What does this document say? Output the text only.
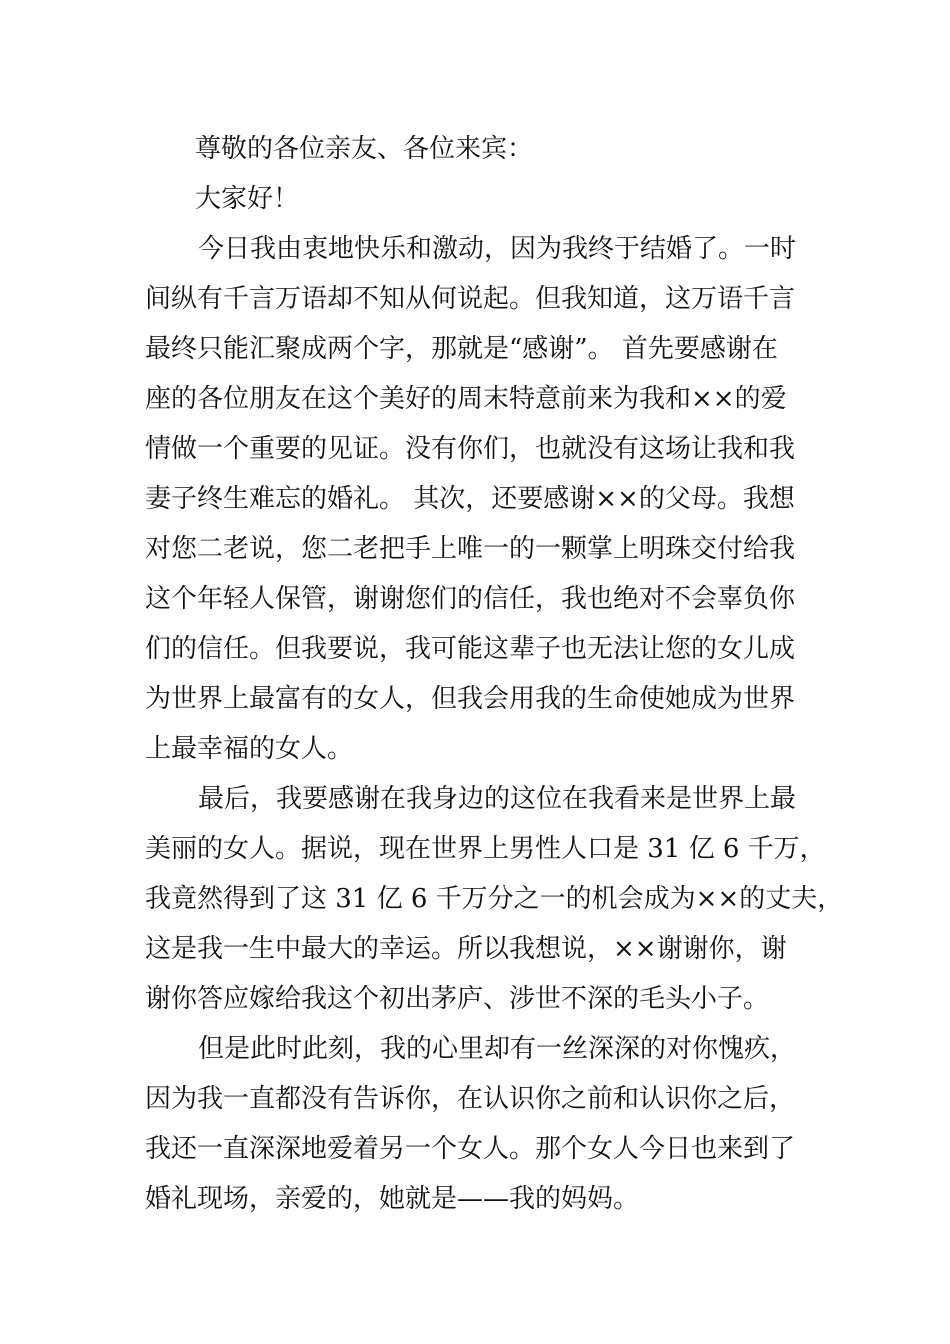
尊敬的各位亲友、各位来宾：
大家好！
今日我由衷地快乐和激动，因为我终于结婚了。一时
间纵有千言万语却不知从何说起。但我知道，这万语千言
最终只能汇聚成两个字，那就是“感谢”。 首先要感谢在
座的各位朋友在这个美好的周末特意前来为我和××的爱
情做一个重要的见证。没有你们，也就没有这场让我和我
妻子终生难忘的婚礼。 其次，还要感谢××的父母。我想
对您二老说，您二老把手上唯一的一颗掌上明珠交付给我
这个年轻人保管，谢谢您们的信任，我也绝对不会辜负你
们的信任。但我要说，我可能这辈子也无法让您的女儿成
为世界上最富有的女人，但我会用我的生命使她成为世界
上最幸福的女人。
最后，我要感谢在我身边的这位在我看来是世界上最
美丽的女人。据说，现在世界上男性人口是 31 亿 6 千万，
我竟然得到了这 31 亿 6 千万分之一的机会成为××的丈夫，
这是我一生中最大的幸运。所以我想说，××谢谢你，谢
谢你答应嫁给我这个初出茅庐、涉世不深的毛头小子。
但是此时此刻，我的心里却有一丝深深的对你愧疚，
因为我一直都没有告诉你，在认识你之前和认识你之后，
我还一直深深地爱着另一个女人。那个女人今日也来到了
婚礼现场，亲爱的，她就是——我的妈妈。
